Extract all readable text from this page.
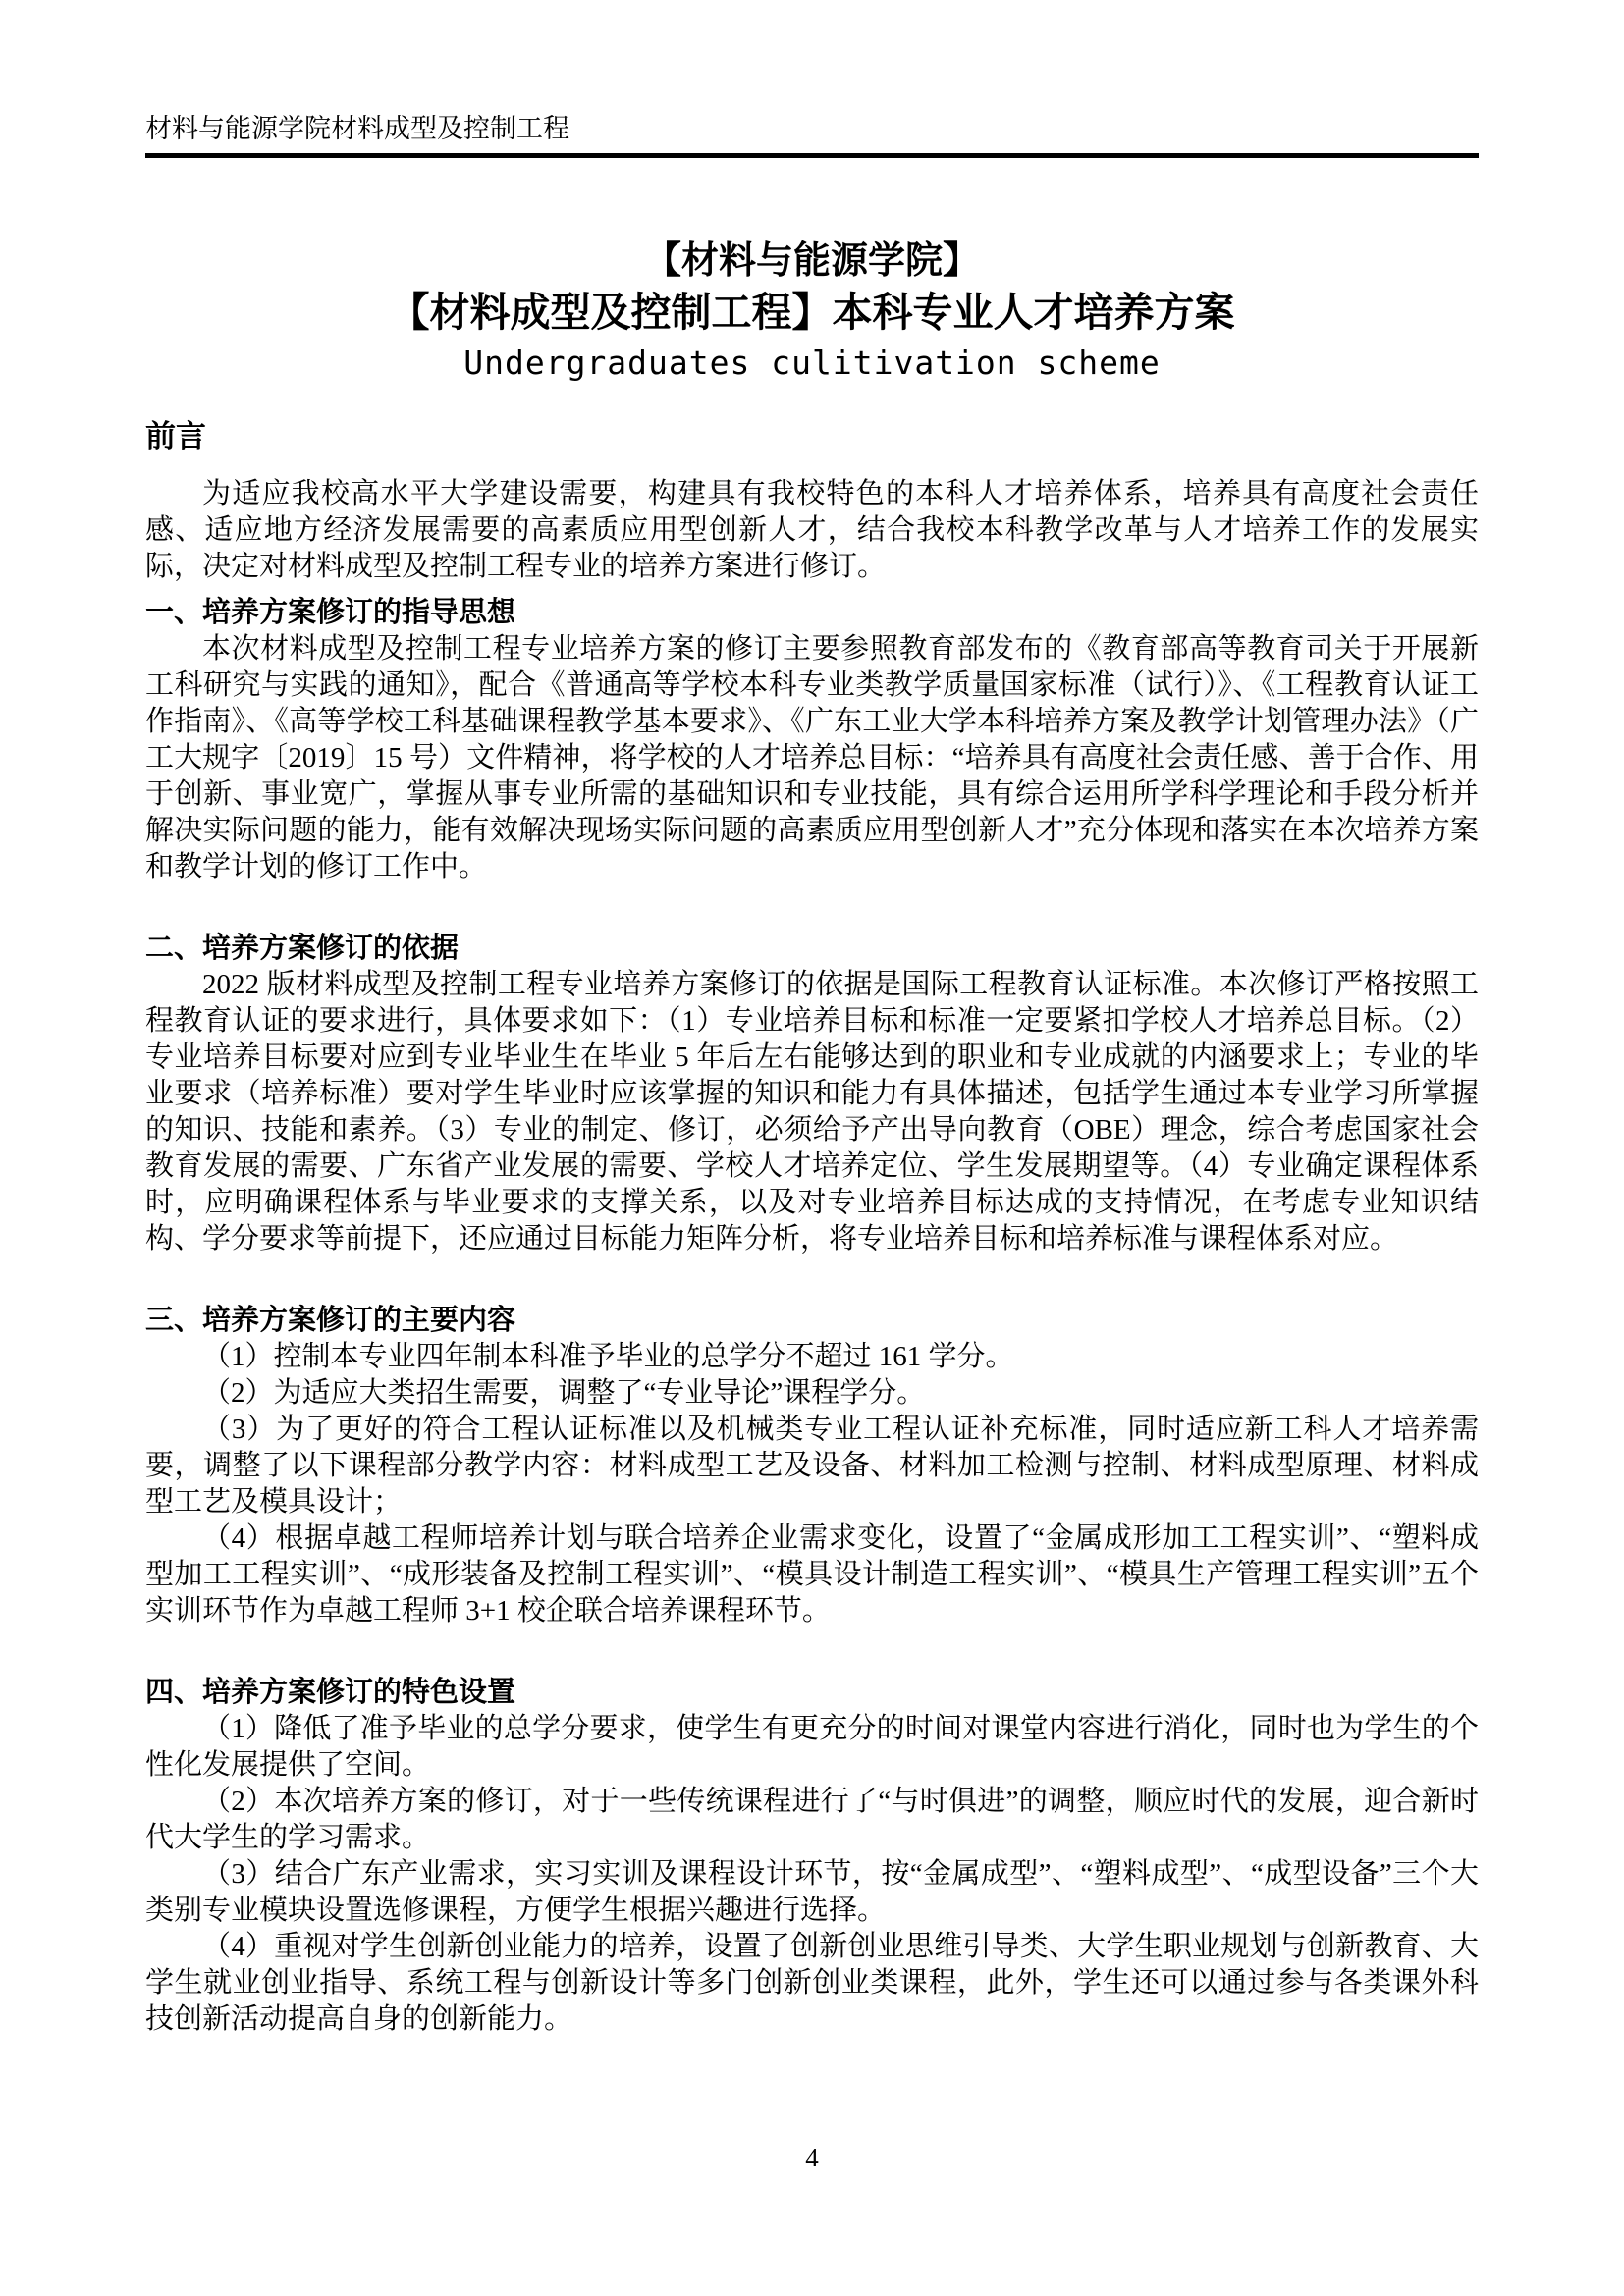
材料与能源学院材料成型及控制工程
【材料与能源学院】
【材料成型及控制工程】本科专业人才培养方案
Undergraduates culitivation scheme
前言

为适应我校高水平大学建设需要，构建具有我校特色的本科人才培养体系，培养具有高度社会责任感、适应地方经济发展需要的高素质应用型创新人才，结合我校本科教学改革与人才培养工作的发展实际，决定对材料成型及控制工程专业的培养方案进行修订。

一、培养方案修订的指导思想

本次材料成型及控制工程专业培养方案的修订主要参照教育部发布的《教育部高等教育司关于开展新工科研究与实践的通知》，配合《普通高等学校本科专业类教学质量国家标准（试行）》、《工程教育认证工作指南》、《高等学校工科基础课程教学基本要求》、《广东工业大学本科培养方案及教学计划管理办法》（广工大规字〔2019〕15 号）文件精神，将学校的人才培养总目标：“培养具有高度社会责任感、善于合作、用于创新、事业宽广，掌握从事专业所需的基础知识和专业技能，具有综合运用所学科学理论和手段分析并解决实际问题的能力，能有效解决现场实际问题的高素质应用型创新人才”充分体现和落实在本次培养方案和教学计划的修订工作中。

二、培养方案修订的依据

2022 版材料成型及控制工程专业培养方案修订的依据是国际工程教育认证标准。本次修订严格按照工程教育认证的要求进行，具体要求如下：（1）专业培养目标和标准一定要紧扣学校人才培养总目标。（2）专业培养目标要对应到专业毕业生在毕业 5 年后左右能够达到的职业和专业成就的内涵要求上；专业的毕业要求（培养标准）要对学生毕业时应该掌握的知识和能力有具体描述，包括学生通过本专业学习所掌握的知识、技能和素养。（3）专业的制定、修订，必须给予产出导向教育（OBE）理念，综合考虑国家社会教育发展的需要、广东省产业发展的需要、学校人才培养定位、学生发展期望等。（4）专业确定课程体系时，应明确课程体系与毕业要求的支撑关系，以及对专业培养目标达成的支持情况，在考虑专业知识结构、学分要求等前提下，还应通过目标能力矩阵分析，将专业培养目标和培养标准与课程体系对应。

三、培养方案修订的主要内容

（1）控制本专业四年制本科准予毕业的总学分不超过 161 学分。

（2）为适应大类招生需要，调整了“专业导论”课程学分。

（3）为了更好的符合工程认证标准以及机械类专业工程认证补充标准，同时适应新工科人才培养需要，调整了以下课程部分教学内容：材料成型工艺及设备、材料加工检测与控制、材料成型原理、材料成型工艺及模具设计；

（4）根据卓越工程师培养计划与联合培养企业需求变化，设置了“金属成形加工工程实训”、“塑料成型加工工程实训”、“成形装备及控制工程实训”、“模具设计制造工程实训”、“模具生产管理工程实训”五个实训环节作为卓越工程师 3+1 校企联合培养课程环节。

四、培养方案修订的特色设置

（1）降低了准予毕业的总学分要求，使学生有更充分的时间对课堂内容进行消化，同时也为学生的个性化发展提供了空间。

（2）本次培养方案的修订，对于一些传统课程进行了“与时俱进”的调整，顺应时代的发展，迎合新时代大学生的学习需求。

（3）结合广东产业需求，实习实训及课程设计环节，按“金属成型”、“塑料成型”、“成型设备”三个大类别专业模块设置选修课程，方便学生根据兴趣进行选择。

（4）重视对学生创新创业能力的培养，设置了创新创业思维引导类、大学生职业规划与创新教育、大学生就业创业指导、系统工程与创新设计等多门创新创业类课程，此外，学生还可以通过参与各类课外科技创新活动提高自身的创新能力。

4
